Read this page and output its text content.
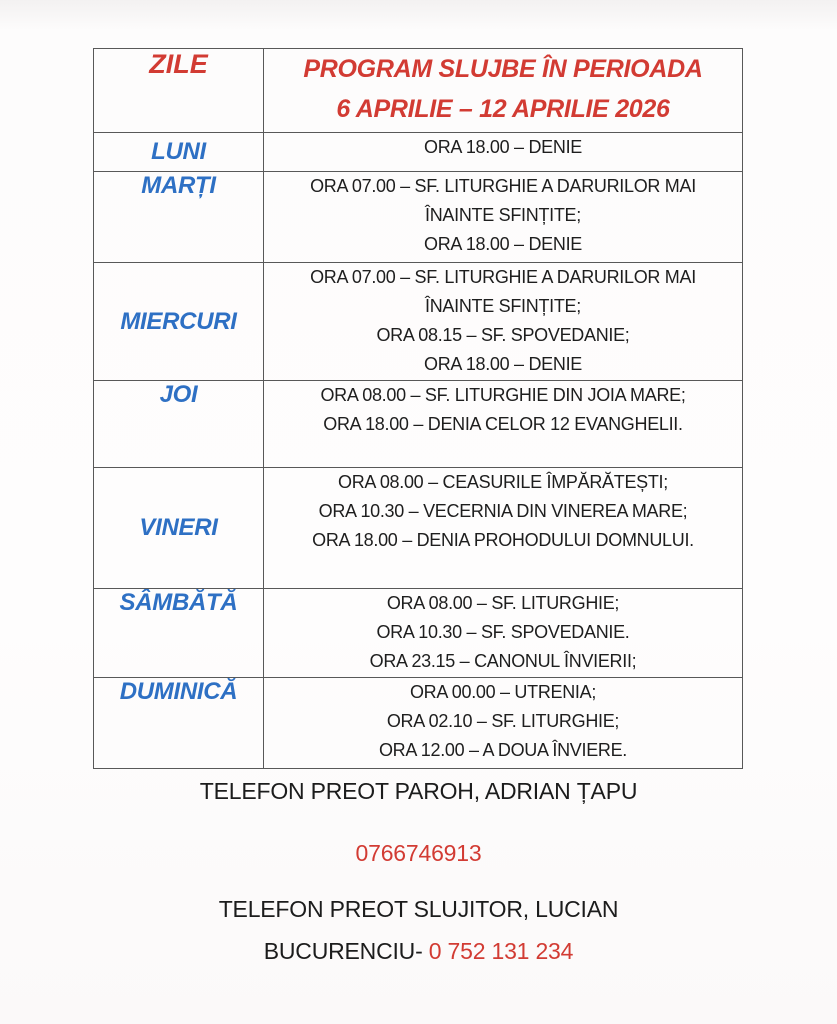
ZILE	PROGRAM SLUJBE ÎN PERIOADA
6 APRILIE – 12 APRILIE 2026

LUNI	ORA 18.00 – DENIE

MARȚI	ORA 07.00 – SF. LITURGHIE A DARURILOR MAI
ÎNAINTE SFINȚITE;
ORA 18.00 – DENIE

MIERCURI	ORA 07.00 – SF. LITURGHIE A DARURILOR MAI
ÎNAINTE SFINȚITE;
ORA 08.15 – SF. SPOVEDANIE;
ORA 18.00 – DENIE

JOI	ORA 08.00 – SF. LITURGHIE DIN JOIA MARE;
ORA 18.00 – DENIA CELOR 12 EVANGHELII.

VINERI	ORA 08.00 – CEASURILE ÎMPĂRĂTEȘTI;
ORA 10.30 – VECERNIA DIN VINEREA MARE;
ORA 18.00 – DENIA PROHODULUI DOMNULUI.

SÂMBĂTĂ	ORA 08.00 – SF. LITURGHIE;
ORA 10.30 – SF. SPOVEDANIE.
ORA 23.15 – CANONUL ÎNVIERII;

DUMINICĂ	ORA 00.00 – UTRENIA;
ORA 02.10 – SF. LITURGHIE;
ORA 12.00 – A DOUA ÎNVIERE.
TELEFON PREOT PAROH, ADRIAN ȚAPU
0766746913
TELEFON PREOT SLUJITOR, LUCIAN
BUCURENCIU- 0 752 131 234
